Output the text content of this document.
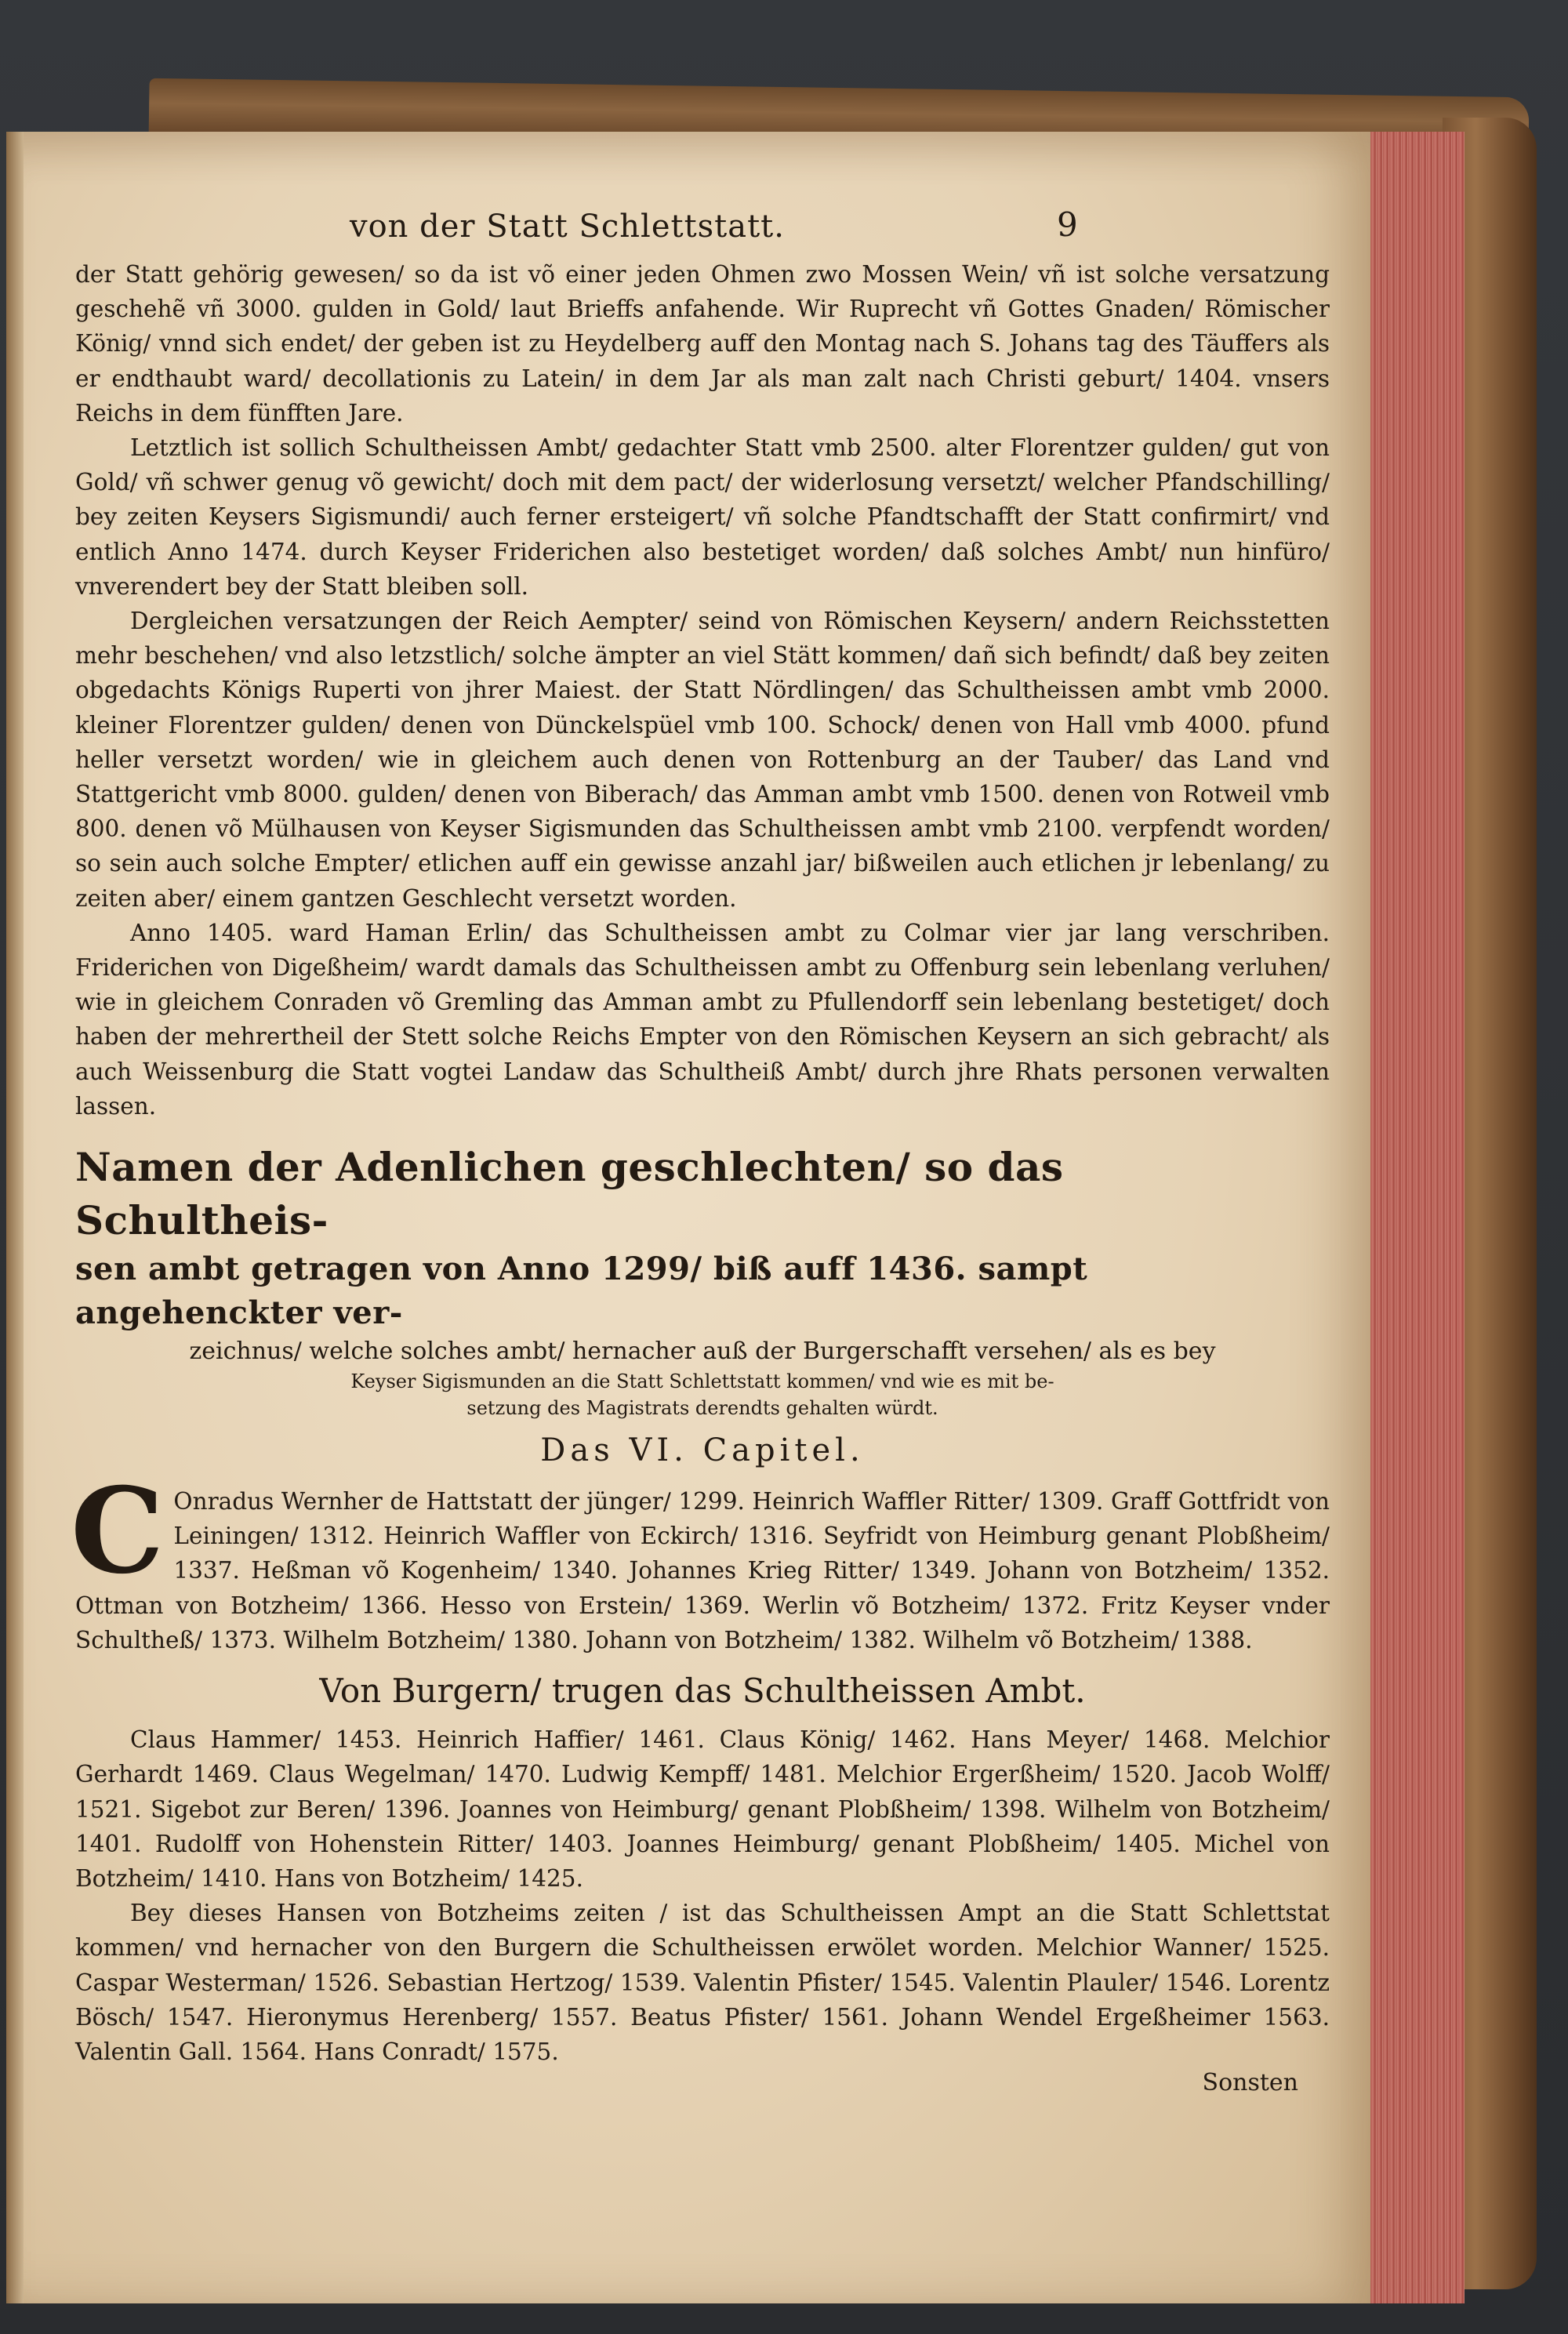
von der Statt Schlettstatt.	9

der Statt gehörig gewesen/ so da ist võ einer jeden Ohmen zwo Mossen Wein/ vñ ist solche versatzung geschehẽ vñ 3000. gulden in Gold/ laut Brieffs anfahende. Wir Ruprecht vñ Gottes Gnaden/ Römischer König/ vnnd sich endet/ der geben ist zu Heydelberg auff den Montag nach S. Johans tag des Täuffers als er endthaubt ward/ decollationis zu Latein/ in dem Jar als man zalt nach Christi geburt/ 1404. vnsers Reichs in dem fünfften Jare.

Letztlich ist sollich Schultheissen Ambt/ gedachter Statt vmb 2500. alter Florentzer gulden/ gut von Gold/ vñ schwer genug võ gewicht/ doch mit dem pact/ der widerlosung versetzt/ welcher Pfandschilling/ bey zeiten Keysers Sigismundi/ auch ferner ersteigert/ vñ solche Pfandtschafft der Statt confirmirt/ vnd entlich Anno 1474. durch Keyser Friderichen also bestetiget worden/ daß solches Ambt/ nun hinfüro/ vnverendert bey der Statt bleiben soll.

Dergleichen versatzungen der Reich Aempter/ seind von Römischen Keysern/ andern Reichsstetten mehr beschehen/ vnd also letzstlich/ solche ämpter an viel Stätt kommen/ dañ sich befindt/ daß bey zeiten obgedachts Königs Ruperti von jhrer Maiest. der Statt Nördlingen/ das Schultheissen ambt vmb 2000. kleiner Florentzer gulden/ denen von Dünckelspüel vmb 100. Schock/ denen von Hall vmb 4000. pfund heller versetzt worden/ wie in gleichem auch denen von Rottenburg an der Tauber/ das Land vnd Stattgericht vmb 8000. gulden/ denen von Biberach/ das Amman ambt vmb 1500. denen von Rotweil vmb 800. denen võ Mülhausen von Keyser Sigismunden das Schultheissen ambt vmb 2100. verpfendt worden/ so sein auch solche Empter/ etlichen auff ein gewisse anzahl jar/ bißweilen auch etlichen jr lebenlang/ zu zeiten aber/ einem gantzen Geschlecht versetzt worden.

Anno 1405. ward Haman Erlin/ das Schultheissen ambt zu Colmar vier jar lang verschriben. Friderichen von Digeßheim/ wardt damals das Schultheissen ambt zu Offenburg sein lebenlang verluhen/ wie in gleichem Conraden võ Gremling das Amman ambt zu Pfullendorff sein lebenlang bestetiget/ doch haben der mehrertheil der Stett solche Reichs Empter von den Römischen Keysern an sich gebracht/ als auch Weissenburg die Statt vogtei Landaw das Schultheiß Ambt/ durch jhre Rhats personen verwalten lassen.

Namen der Adenlichen geschlechten/ so das Schultheis-

sen ambt getragen von Anno 1299/ biß auff 1436. sampt angehenckter ver-

zeichnus/ welche solches ambt/ hernacher auß der Burgerschafft versehen/ als es bey

Keyser Sigismunden an die Statt Schlettstatt kommen/ vnd wie es mit be-

setzung des Magistrats derendts gehalten würdt.

Das VI. Capitel.

C Onradus Wernher de Hattstatt der jünger/ 1299. Heinrich Waffler Ritter/ 1309. Graff Gottfridt von Leiningen/ 1312. Heinrich Waffler von Eckirch/ 1316. Seyfridt von Heimburg genant Plobßheim/ 1337. Heßman võ Kogenheim/ 1340. Johannes Krieg Ritter/ 1349. Johann von Botzheim/ 1352. Ottman von Botzheim/ 1366. Hesso von Erstein/ 1369. Werlin võ Botzheim/ 1372. Fritz Keyser vnder Schultheß/ 1373. Wilhelm Botzheim/ 1380. Johann von Botzheim/ 1382. Wilhelm võ Botzheim/ 1388.

Von Burgern/ trugen das Schultheissen Ambt.

Claus Hammer/ 1453. Heinrich Haffier/ 1461. Claus König/ 1462. Hans Meyer/ 1468. Melchior Gerhardt 1469. Claus Wegelman/ 1470. Ludwig Kempff/ 1481. Melchior Ergerßheim/ 1520. Jacob Wolff/ 1521. Sigebot zur Beren/ 1396. Joannes von Heimburg/ genant Plobßheim/ 1398. Wilhelm von Botzheim/ 1401. Rudolff von Hohenstein Ritter/ 1403. Joannes Heimburg/ genant Plobßheim/ 1405. Michel von Botzheim/ 1410. Hans von Botzheim/ 1425.

Bey dieses Hansen von Botzheims zeiten / ist das Schultheissen Ampt an die Statt Schlettstat kommen/ vnd hernacher von den Burgern die Schultheissen erwölet worden. Melchior Wanner/ 1525. Caspar Westerman/ 1526. Sebastian Hertzog/ 1539. Valentin Pfister/ 1545. Valentin Plauler/ 1546. Lorentz Bösch/ 1547. Hieronymus Herenberg/ 1557. Beatus Pfister/ 1561. Johann Wendel Ergeßheimer 1563. Valentin Gall. 1564. Hans Conradt/ 1575.

Sonsten
